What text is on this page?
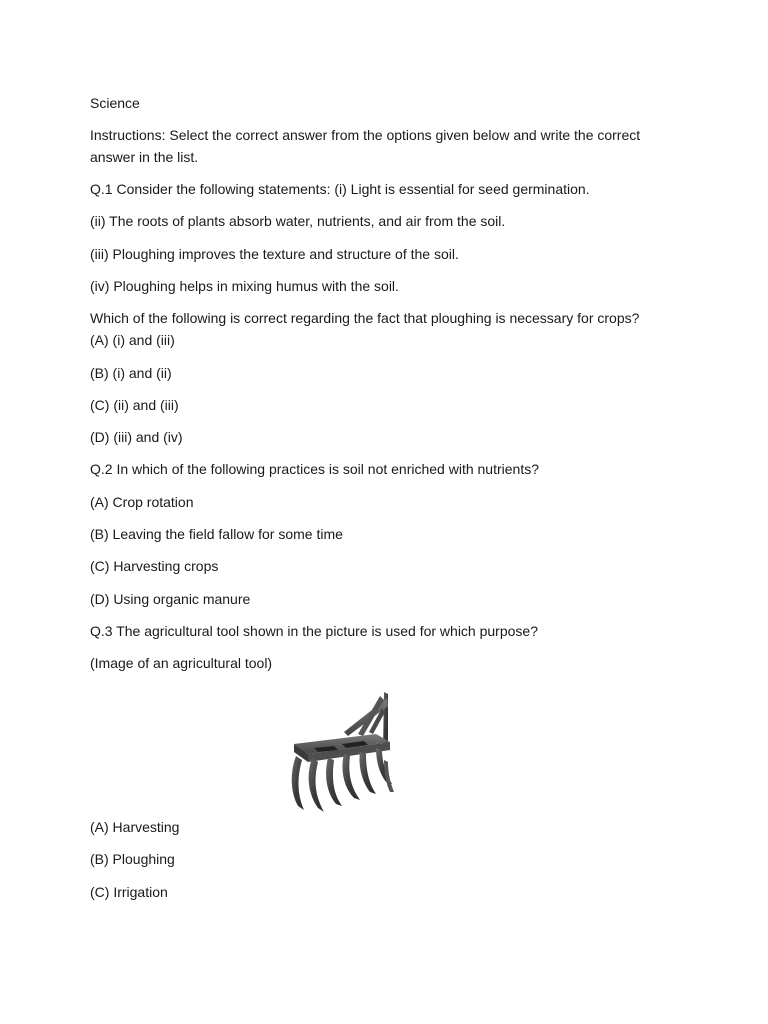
Science
Instructions: Select the correct answer from the options given below and write the correct answer in the list.
Q.1 Consider the following statements: (i) Light is essential for seed germination.
(ii) The roots of plants absorb water, nutrients, and air from the soil.
(iii) Ploughing improves the texture and structure of the soil.
(iv) Ploughing helps in mixing humus with the soil.
Which of the following is correct regarding the fact that ploughing is necessary for crops?
(A) (i) and (iii)
(B) (i) and (ii)
(C) (ii) and (iii)
(D) (iii) and (iv)
Q.2 In which of the following practices is soil not enriched with nutrients?
(A) Crop rotation
(B) Leaving the field fallow for some time
(C) Harvesting crops
(D) Using organic manure
Q.3 The agricultural tool shown in the picture is used for which purpose?
(Image of an agricultural tool)
(A) Harvesting
(B) Ploughing
(C) Irrigation
